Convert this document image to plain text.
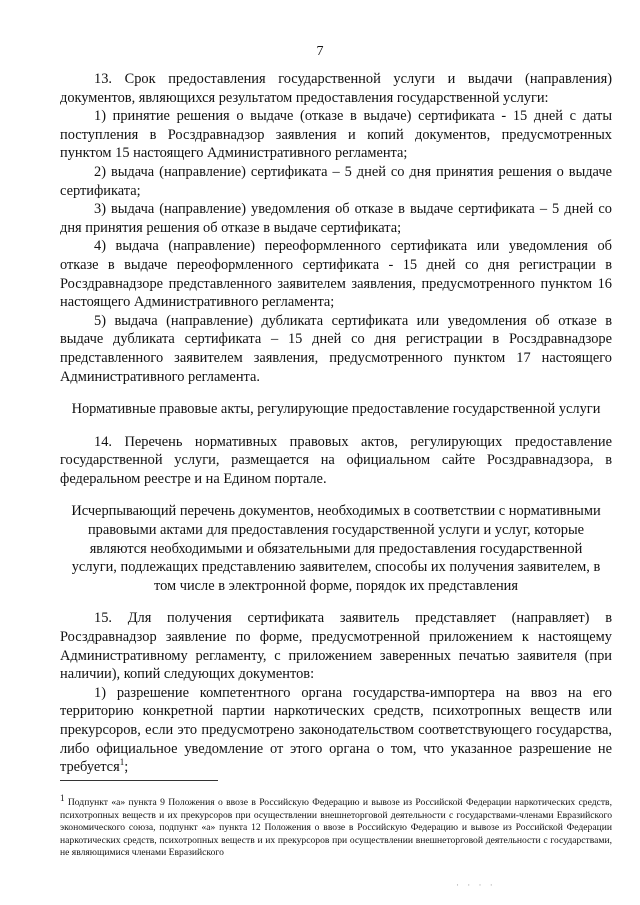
7

13. Срок предоставления государственной услуги и выдачи (направления) документов, являющихся результатом предоставления государственной услуги:

1) принятие решения о выдаче (отказе в выдаче) сертификата - 15 дней с даты поступления в Росздравнадзор заявления и копий документов, предусмотренных пунктом 15 настоящего Административного регламента;

2) выдача (направление) сертификата – 5 дней со дня принятия решения о выдаче сертификата;

3) выдача (направление) уведомления об отказе в выдаче сертификата – 5 дней со дня принятия решения об отказе в выдаче сертификата;

4) выдача (направление) переоформленного сертификата или уведомления об отказе в выдаче переоформленного сертификата - 15 дней со дня регистрации в Росздравнадзоре представленного заявителем заявления, предусмотренного пунктом 16 настоящего Административного регламента;

5) выдача (направление) дубликата сертификата или уведомления об отказе в выдаче дубликата сертификата – 15 дней со дня регистрации в Росздравнадзоре представленного заявителем заявления, предусмотренного пунктом 17 настоящего Административного регламента.

Нормативные правовые акты, регулирующие предоставление государственной услуги

14. Перечень нормативных правовых актов, регулирующих предоставление государственной услуги, размещается на официальном сайте Росздравнадзора, в федеральном реестре и на Едином портале.

Исчерпывающий перечень документов, необходимых в соответствии с нормативными правовыми актами для предоставления государственной услуги и услуг, которые являются необходимыми и обязательными для предоставления государственной услуги, подлежащих представлению заявителем, способы их получения заявителем, в том числе в электронной форме, порядок их представления

15. Для получения сертификата заявитель представляет (направляет) в Росздравнадзор заявление по форме, предусмотренной приложением к настоящему Административному регламенту, с приложением заверенных печатью заявителя (при наличии), копий следующих документов:

1) разрешение компетентного органа государства-импортера на ввоз на его территорию конкретной партии наркотических средств, психотропных веществ или прекурсоров, если это предусмотрено законодательством соответствующего государства, либо официальное уведомление от этого органа о том, что указанное разрешение не требуется$^1$;

$^1$ Подпункт «а» пункта 9 Положения о ввозе в Российскую Федерацию и вывозе из Российской Федерации наркотических средств, психотропных веществ и их прекурсоров при осуществлении внешнеторговой деятельности с государствами-членами Евразийского экономического союза, подпункт «а» пункта 12 Положения о ввозе в Российскую Федерацию и вывозе из Российской Федерации наркотических средств, психотропных веществ и их прекурсоров при осуществлении внешнеторговой деятельности с государствами, не являющимися членами Евразийского

· · · ·
